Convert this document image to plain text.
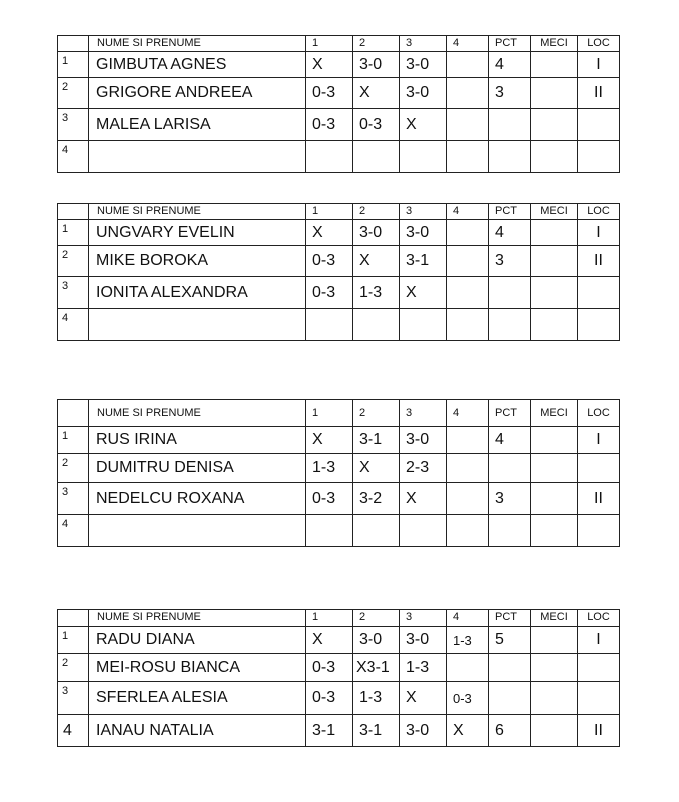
	NUME SI PRENUME	1	2	3	4	PCT	MECI	LOC
1	GIMBUTA AGNES	X	3-0	3-0		4		I
2	GRIGORE ANDREEA	0-3	X	3-0		3		II
3	MALEA LARISA	0-3	0-3	X				
4								
	NUME SI PRENUME	1	2	3	4	PCT	MECI	LOC
1	UNGVARY EVELIN	X	3-0	3-0		4		I
2	MIKE BOROKA	0-3	X	3-1		3		II
3	IONITA ALEXANDRA	0-3	1-3	X				
4								
	NUME SI PRENUME	1	2	3	4	PCT	MECI	LOC
1	RUS IRINA	X	3-1	3-0		4		I
2	DUMITRU DENISA	1-3	X	2-3				
3	NEDELCU ROXANA	0-3	3-2	X		3		II
4								
	NUME SI PRENUME	1	2	3	4	PCT	MECI	LOC
1	RADU DIANA	X	3-0	3-0	1-3	5		I
2	MEI-ROSU BIANCA	0-3	X3-1	1-3				
3	SFERLEA ALESIA	0-3	1-3	X	0-3			
4	IANAU NATALIA	3-1	3-1	3-0	X	6		II
